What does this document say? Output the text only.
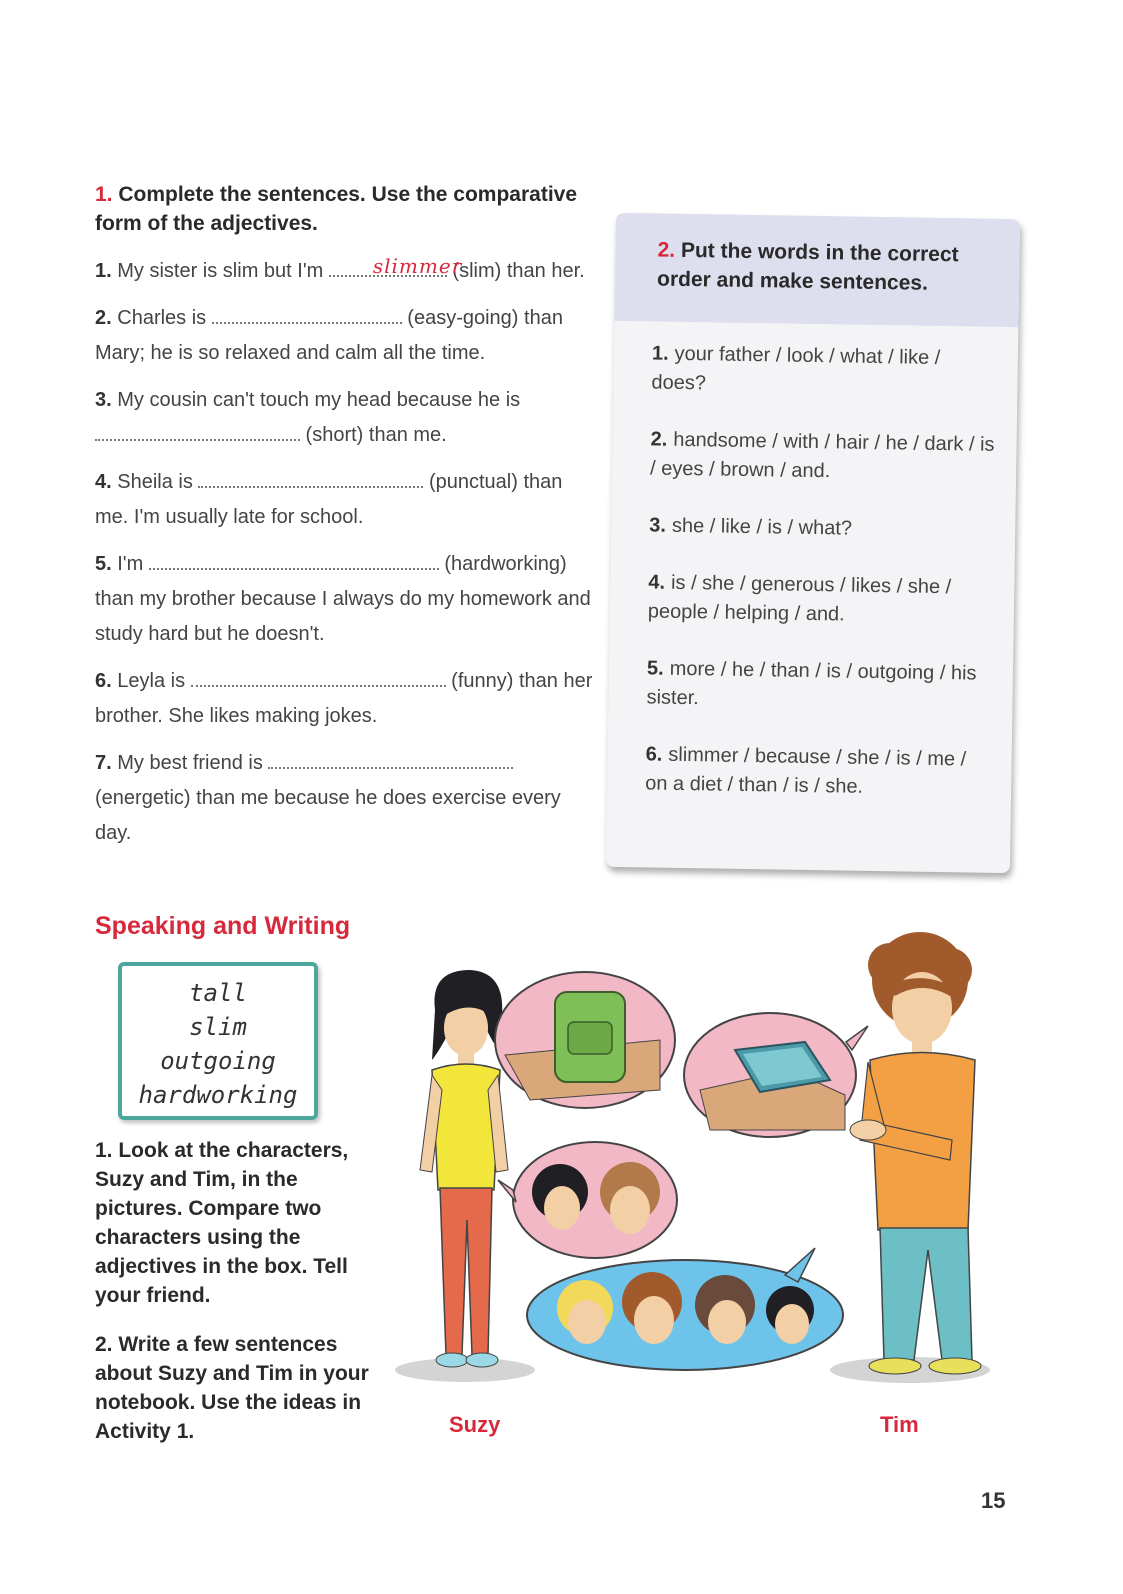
1. Complete the sentences. Use the comparative form of the adjectives.
1. My sister is slim but I'm slimmer
(slim) than her.
2. Charles is	(easy-going) than Mary; he is so relaxed and calm all the time.
3. My cousin can't touch my head because he is
(short) than me.
4. Sheila is	(punctual) than me. I'm usually late for school.
5. I'm	(hardworking) than my brother because I always do my homework and study hard but he doesn't.
6. Leyla is	(funny) than her brother. She likes making jokes.
7. My best friend is
(energetic) than me because he does exercise every day.
2. Put the words in the correct order and make sentences.
1. your father / look / what / like / does?
2. handsome / with / hair / he / dark / is / eyes / brown / and.
3. she / like / is / what?
4. is / she / generous / likes / she / people / helping / and.
5. more / he / than / is / outgoing / his sister.
6. slimmer / because / she / is / me / on a diet / than / is / she.
Speaking and Writing
tall
slim
outgoing
hardworking

1. Look at the characters, Suzy and Tim, in the pictures. Compare two characters using the adjectives in the box. Tell your friend.

2. Write a few sentences about Suzy and Tim in your notebook. Use the ideas in Activity 1.	Suzy	Tim
15
